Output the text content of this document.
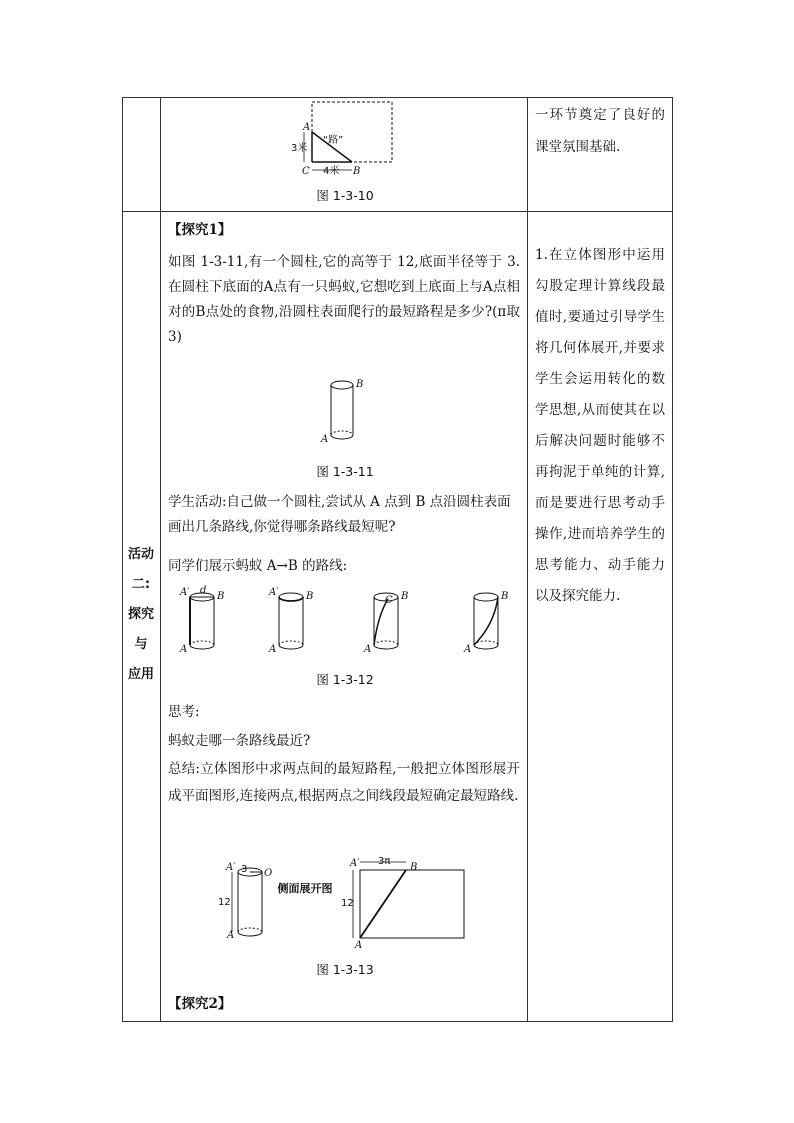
A
C	B
3米
4米
“路”
图 1-3-10
一环节奠定了良好的课堂氛围基础.
活动
二:
探究
与
应用
【探究1】
如图 1-3-11,有一个圆柱,它的高等于 12,底面半径等于 3.在圆柱下底面的A点有一只蚂蚁,它想吃到上底面上与A点相对的B点处的食物,沿圆柱表面爬行的最短路程是多少?(π取 3)
B
A
图 1-3-11
学生活动:自己做一个圆柱,尝试从 A 点到 B 点沿圆柱表面画出几条路线,你觉得哪条路线最短呢?
同学们展示蚂蚁 A→B 的路线:
A′ d
B
A
A′	B
A
C B
A
B
A
图 1-3-12
思考:
蚂蚁走哪一条路线最近?
总结:立体图形中求两点间的最短路程,一般把立体图形展开成平面图形,连接两点,根据两点之间线段最短确定最短路线.
A′ 3 O
12
A
侧面展开图
A′ 3π
B
12
A
图 1-3-13
【探究2】
1.在立体图形中运用勾股定理计算线段最值时,要通过引导学生将几何体展开,并要求学生会运用转化的数学思想,从而使其在以后解决问题时能够不再拘泥于单纯的计算,而是要进行思考动手操作,进而培养学生的思考能力、动手能力以及探究能力.
